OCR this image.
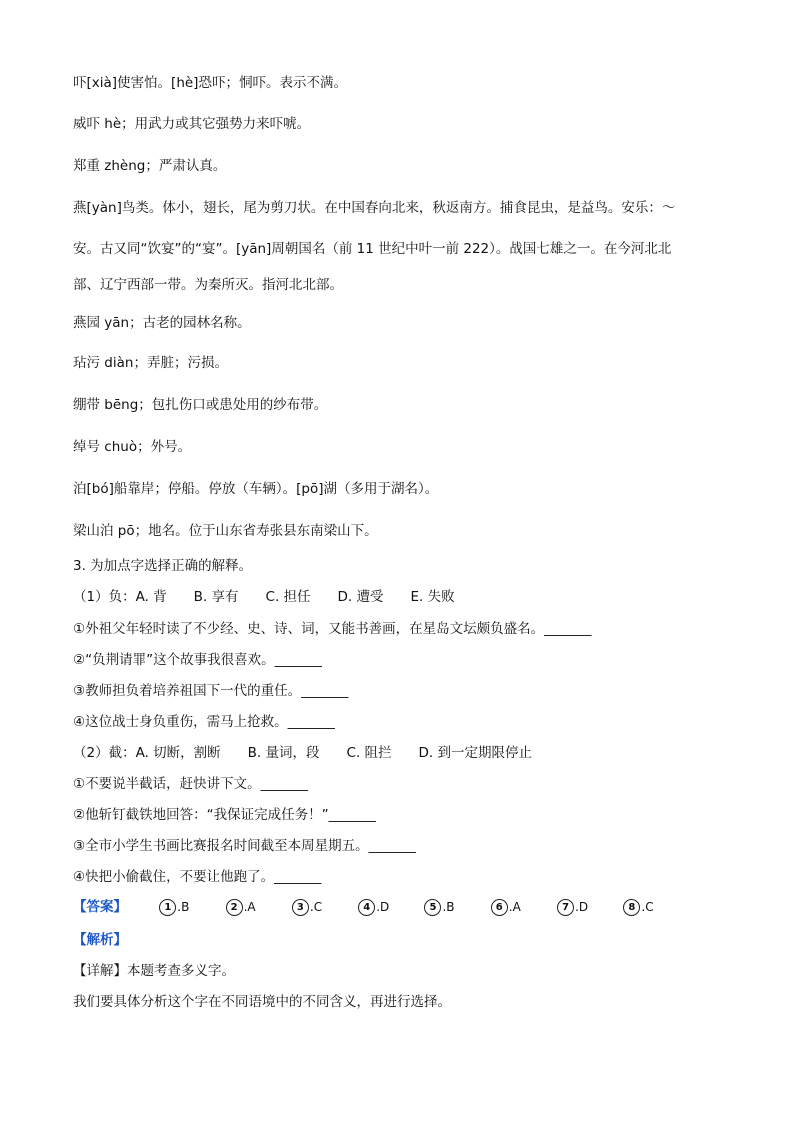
吓[xià]使害怕。[hè]恐吓；恫吓。表示不满。

威吓 hè；用武力或其它强势力来吓唬。

郑重 zhèng；严肃认真。

燕[yàn]鸟类。体小，翅长，尾为剪刀状。在中国春向北来，秋返南方。捕食昆虫，是益鸟。安乐：～

安。古又同“饮宴”的“宴”。[yān]周朝国名（前 11 世纪中叶一前 222）。战国七雄之一。在今河北北

部、辽宁西部一带。为秦所灭。指河北北部。

燕园 yān；古老的园林名称。

玷污 diàn；弄脏；污损。

绷带 bēng；包扎伤口或患处用的纱布带。

绰号 chuò；外号。

泊[bó]船靠岸；停船。停放（车辆）。[pō]湖（多用于湖名）。

梁山泊 pō；地名。位于山东省寿张县东南梁山下。

3. 为加点字选择正确的解释。

（1）负：A. 背　　B. 享有　　C. 担任　　D. 遭受　　E. 失败

①外祖父年轻时读了不少经、史、诗、词，又能书善画，在星岛文坛颇负盛名。_______

②“负荆请罪”这个故事我很喜欢。_______

③教师担负着培养祖国下一代的重任。_______

④这位战士身负重伤，需马上抢救。_______

（2）截：A. 切断，割断　　B. 量词，段　　C. 阻拦　　D. 到一定期限停止

①不要说半截话，赶快讲下文。_______

②他斩钉截铁地回答：“我保证完成任务！”_______

③全市小学生书画比赛报名时间截至本周星期五。_______

④快把小偷截住，不要让他跑了。_______

【答案】	1 .B	2 .A	3 .C	4 .D	5 .B	6 .A	7 .D	8 .C

【解析】

【详解】本题考查多义字。

我们要具体分析这个字在不同语境中的不同含义，再进行选择。
